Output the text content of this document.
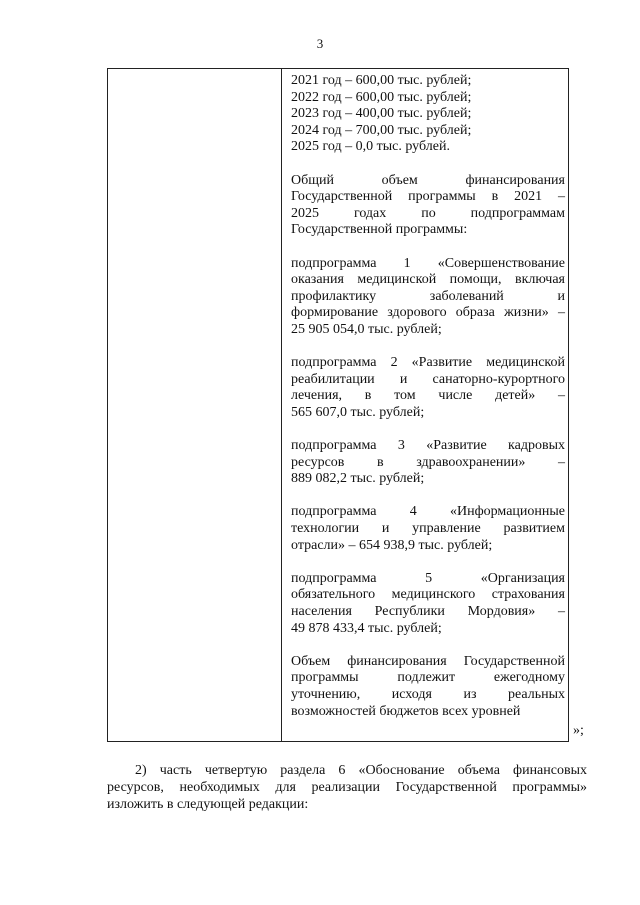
3
2021 год – 600,00 тыс. рублей;
2022 год – 600,00 тыс. рублей;
2023 год – 400,00 тыс. рублей;
2024 год – 700,00 тыс. рублей;
2025 год – 0,0 тыс. рублей.
Общий объем финансирования
Государственной программы в 2021 –
2025 годах по подпрограммам
Государственной программы:
подпрограмма 1 «Совершенствование
оказания медицинской помощи, включая
профилактику заболеваний и
формирование здорового образа жизни» –
25 905 054,0 тыс. рублей;
подпрограмма 2 «Развитие медицинской
реабилитации и санаторно-курортного
лечения, в том числе детей» –
565 607,0 тыс. рублей;
подпрограмма 3 «Развитие кадровых
ресурсов в здравоохранении» –
889 082,2 тыс. рублей;
подпрограмма 4 «Информационные
технологии и управление развитием
отрасли» – 654 938,9 тыс. рублей;
подпрограмма 5 «Организация
обязательного медицинского страхования
населения Республики Мордовия» –
49 878 433,4 тыс. рублей;
Объем финансирования Государственной
программы подлежит ежегодному
уточнению, исходя из реальных
возможностей бюджетов всех уровней
»;
2) часть четвертую раздела 6 «Обоснование объема финансовых
ресурсов, необходимых для реализации Государственной программы»
изложить в следующей редакции:
